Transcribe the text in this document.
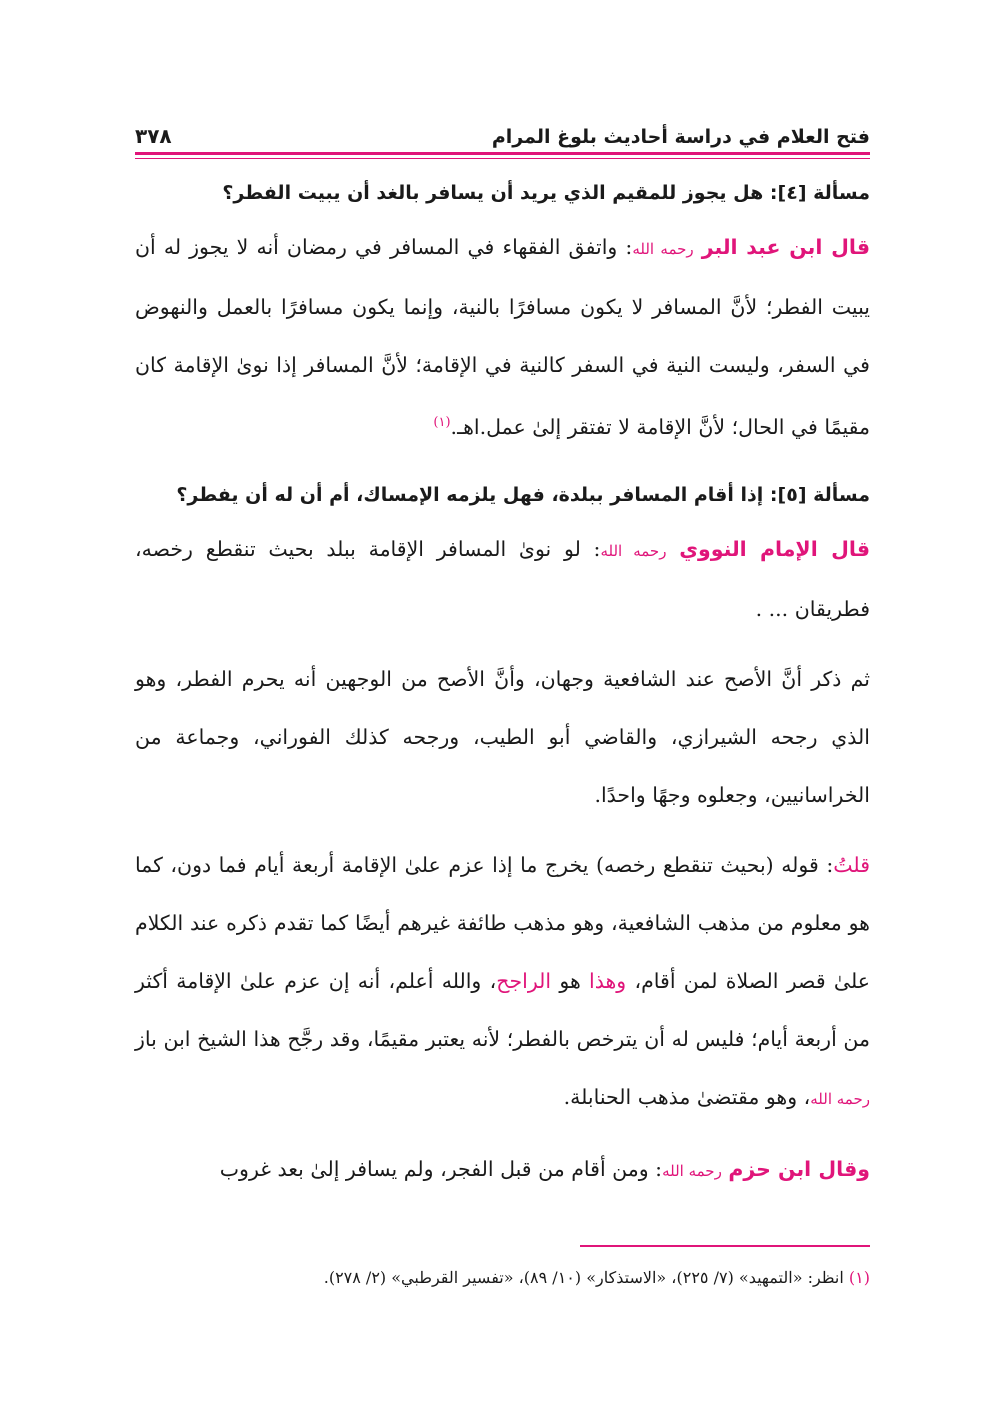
فتح العلام في دراسة أحاديث بلوغ المرام
٣٧٨

مسألة [٤]: هل يجوز للمقيم الذي يريد أن يسافر بالغد أن يبيت الفطر؟

قال ابن عبد البر رحمه الله: واتفق الفقهاء في المسافر في رمضان أنه لا يجوز له أن يبيت الفطر؛ لأنَّ المسافر لا يكون مسافرًا بالنية، وإنما يكون مسافرًا بالعمل والنهوض في السفر، وليست النية في السفر كالنية في الإقامة؛ لأنَّ المسافر إذا نوىٰ الإقامة كان مقيمًا في الحال؛ لأنَّ الإقامة لا تفتقر إلىٰ عمل.اهـ.$^{(١)}$

مسألة [٥]: إذا أقام المسافر ببلدة، فهل يلزمه الإمساك، أم أن له أن يفطر؟

قال الإمام النووي رحمه الله: لو نوىٰ المسافر الإقامة ببلد بحيث تنقطع رخصه، فطريقان ... .

ثم ذكر أنَّ الأصح عند الشافعية وجهان، وأنَّ الأصح من الوجهين أنه يحرم الفطر، وهو الذي رجحه الشيرازي، والقاضي أبو الطيب، ورجحه كذلك الفوراني، وجماعة من الخراسانيين، وجعلوه وجهًا واحدًا.

قلتُ: قوله (بحيث تنقطع رخصه) يخرج ما إذا عزم علىٰ الإقامة أربعة أيام فما دون، كما هو معلوم من مذهب الشافعية، وهو مذهب طائفة غيرهم أيضًا كما تقدم ذكره عند الكلام علىٰ قصر الصلاة لمن أقام، وهذا هو الراجح، والله أعلم، أنه إن عزم علىٰ الإقامة أكثر من أربعة أيام؛ فليس له أن يترخص بالفطر؛ لأنه يعتبر مقيمًا، وقد رجَّح هذا الشيخ ابن باز رحمه الله، وهو مقتضىٰ مذهب الحنابلة.

وقال ابن حزم رحمه الله: ومن أقام من قبل الفجر، ولم يسافر إلىٰ بعد غروب

(١) انظر: «التمهيد» (٧/ ٢٢٥)، «الاستذكار» (١٠/ ٨٩)، «تفسير القرطبي» (٢/ ٢٧٨).
